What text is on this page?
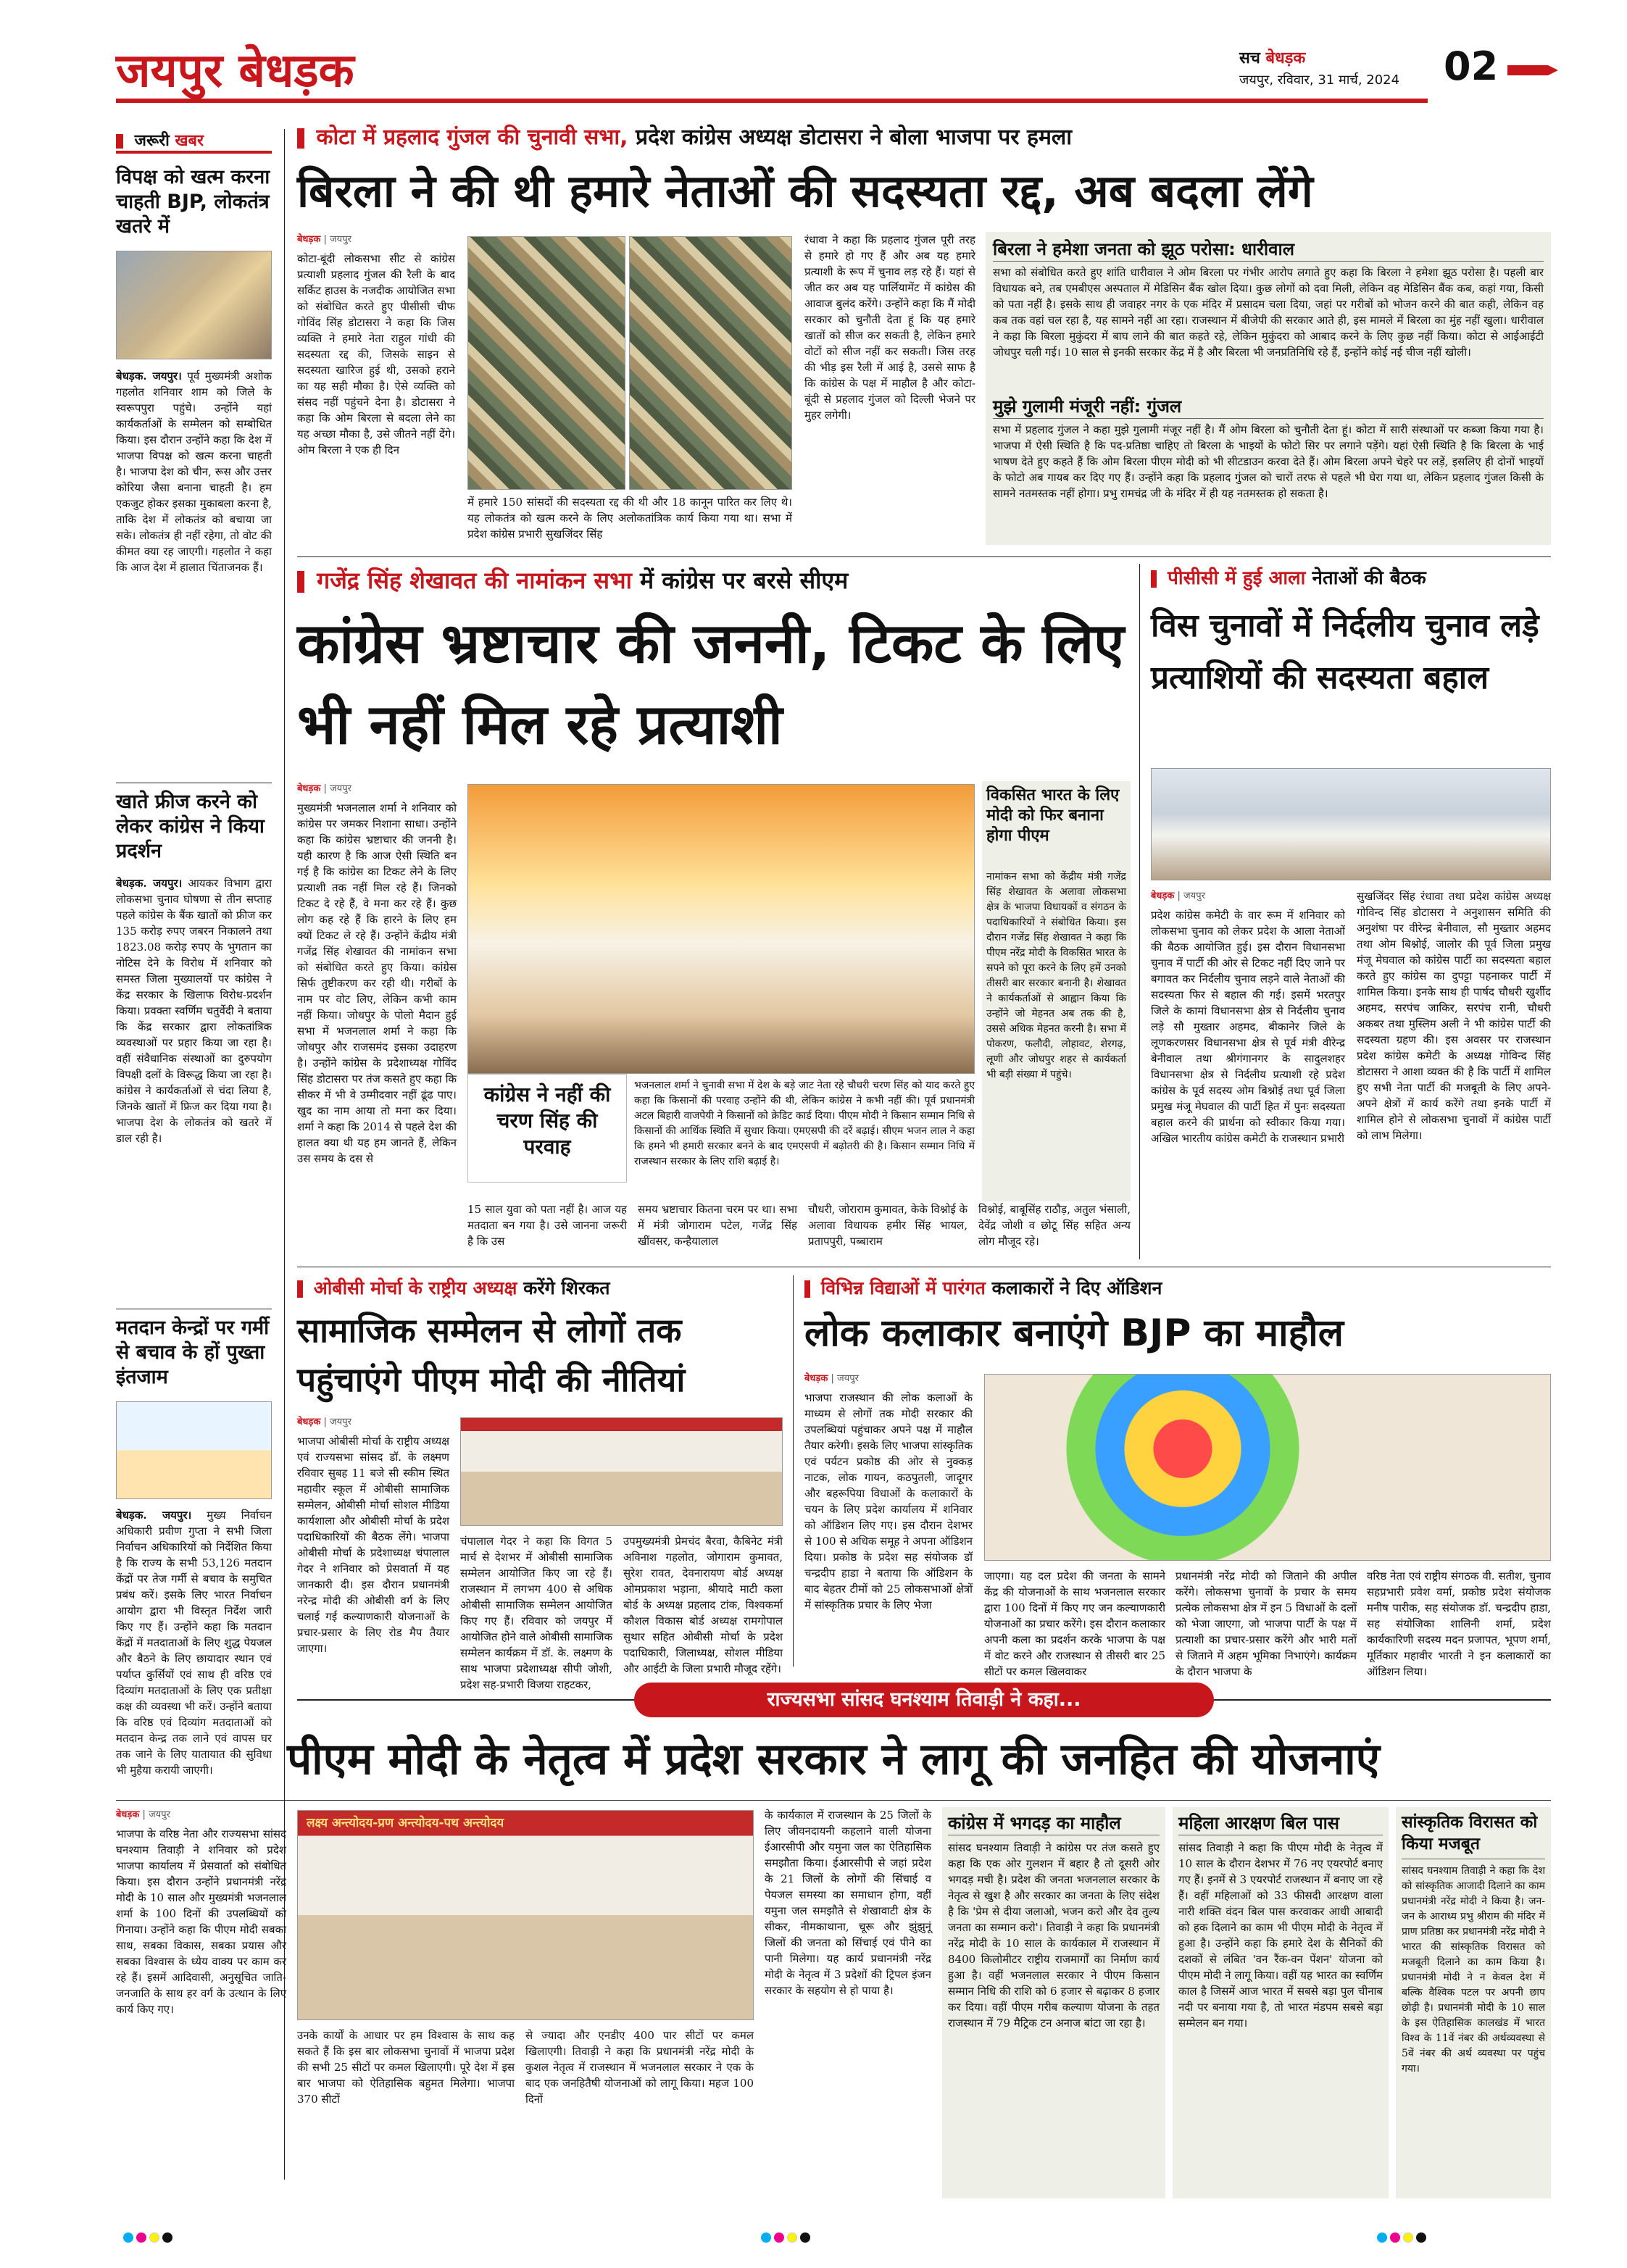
जयपुर बेधड़क	सच बेधड़क
जयपुर, रविवार, 31 मार्च, 2024 02
जरूरी खबर
विपक्ष को खत्म करना चाहती BJP, लोकतंत्र खतरे में
बेधड़क. जयपुर। पूर्व मुख्यमंत्री अशोक गहलोत शनिवार शाम को जिले के स्वरूपपुरा पहुंचे। उन्होंने यहां कार्यकर्ताओं के सम्मेलन को सम्बोधित किया। इस दौरान उन्होंने कहा कि देश में भाजपा विपक्ष को खत्म करना चाहती है। भाजपा देश को चीन, रूस और उत्तर कोरिया जैसा बनाना चाहती है। हम एकजुट होकर इसका मुकाबला करना है, ताकि देश में लोकतंत्र को बचाया जा सके। लोकतंत्र ही नहीं रहेगा, तो वोट की कीमत क्या रह जाएगी। गहलोत ने कहा कि आज देश में हालात चिंताजनक हैं।
खाते फ्रीज करने को लेकर कांग्रेस ने किया प्रदर्शन
बेधड़क. जयपुर। आयकर विभाग द्वारा लोकसभा चुनाव घोषणा से तीन सप्ताह पहले कांग्रेस के बैंक खातों को फ्रीज कर 135 करोड़ रुपए जबरन निकालने तथा 1823.08 करोड़ रुपए के भुगतान का नोटिस देने के विरोध में शनिवार को समस्त जिला मुख्यालयों पर कांग्रेस ने केंद्र सरकार के खिलाफ विरोध-प्रदर्शन किया। प्रवक्ता स्वर्णिम चतुर्वेदी ने बताया कि केंद्र सरकार द्वारा लोकतांत्रिक व्यवस्थाओं पर प्रहार किया जा रहा है। वहीं संवैधानिक संस्थाओं का दुरुपयोग विपक्षी दलों के विरूद्ध किया जा रहा है। कांग्रेस ने कार्यकर्ताओं से चंदा लिया है, जिनके खातों में फ्रिज कर दिया गया है। भाजपा देश के लोकतंत्र को खतरे में डाल रही है।
मतदान केन्द्रों पर गर्मी से बचाव के हों पुख्ता इंतजाम
बेधड़क. जयपुर। मुख्य निर्वाचन अधिकारी प्रवीण गुप्ता ने सभी जिला निर्वाचन अधिकारियों को निर्देशित किया है कि राज्य के सभी 53,126 मतदान केंद्रों पर तेज गर्मी से बचाव के समुचित प्रबंध करें। इसके लिए भारत निर्वाचन आयोग द्वारा भी विस्तृत निर्देश जारी किए गए हैं। उन्होंने कहा कि मतदान केंद्रों में मतदाताओं के लिए शुद्ध पेयजल और बैठने के लिए छायादार स्थान एवं पर्याप्त कुर्सियों एवं साथ ही वरिष्ठ एवं दिव्यांग मतदाताओं के लिए एक प्रतीक्षा कक्ष की व्यवस्था भी करें। उन्होंने बताया कि वरिष्ठ एवं दिव्यांग मतदाताओं को मतदान केन्द्र तक लाने एवं वापस घर तक जाने के लिए यातायात की सुविधा भी मुहैया करायी जाएगी।
कोटा में प्रहलाद गुंजल की चुनावी सभा, प्रदेश कांग्रेस अध्यक्ष डोटासरा ने बोला भाजपा पर हमला
बिरला ने की थी हमारे नेताओं की सदस्यता रद्द, अब बदला लेंगे
बेधड़क | जयपुर
कोटा-बूंदी लोकसभा सीट से कांग्रेस प्रत्याशी प्रहलाद गुंजल की रैली के बाद सर्किट हाउस के नजदीक आयोजित सभा को संबोधित करते हुए पीसीसी चीफ गोविंद सिंह डोटासरा ने कहा कि जिस व्यक्ति ने हमारे नेता राहुल गांधी की सदस्यता रद्द की, जिसके साइन से सदस्यता खारिज हुई थी, उसको हराने का यह सही मौका है। ऐसे व्यक्ति को संसद नहीं पहुंचने देना है। डोटासरा ने कहा कि ओम बिरला से बदला लेने का यह अच्छा मौका है, उसे जीतने नहीं देंगे। ओम बिरला ने एक ही दिन
में हमारे 150 सांसदों की सदस्यता रद्द की थी और 18 कानून पारित कर लिए थे। यह लोकतंत्र को खत्म करने के लिए अलोकतांत्रिक कार्य किया गया था। सभा में प्रदेश कांग्रेस प्रभारी सुखजिंदर सिंह
रंधावा ने कहा कि प्रहलाद गुंजल पूरी तरह से हमारे हो गए हैं और अब यह हमारे प्रत्याशी के रूप में चुनाव लड़ रहे हैं। यहां से जीत कर अब यह पार्लियामेंट में कांग्रेस की आवाज बुलंद करेंगे। उन्होंने कहा कि मैं मोदी सरकार को चुनौती देता हूं कि यह हमारे खातों को सीज कर सकती है, लेकिन हमारे वोटों को सीज नहीं कर सकती। जिस तरह की भीड़ इस रैली में आई है, उससे साफ है कि कांग्रेस के पक्ष में माहौल है और कोटा-बूंदी से प्रहलाद गुंजल को दिल्ली भेजने पर मुहर लगेगी।
बिरला ने हमेशा जनता को झूठ परोसा: धारीवाल
सभा को संबोधित करते हुए शांति धारीवाल ने ओम बिरला पर गंभीर आरोप लगाते हुए कहा कि बिरला ने हमेशा झूठ परोसा है। पहली बार विधायक बने, तब एमबीएस अस्पताल में मेडिसिन बैंक खोल दिया। कुछ लोगों को दवा मिली, लेकिन वह मेडिसिन बैंक कब, कहां गया, किसी को पता नहीं है। इसके साथ ही जवाहर नगर के एक मंदिर में प्रसादम चला दिया, जहां पर गरीबों को भोजन करने की बात कही, लेकिन वह कब तक वहां चल रहा है, यह सामने नहीं आ रहा। राजस्थान में बीजेपी की सरकार आते ही, इस मामले में बिरला का मुंह नहीं खुला। धारीवाल ने कहा कि बिरला मुकुंदरा में बाघ लाने की बात कहते रहे, लेकिन मुकुंदरा को आबाद करने के लिए कुछ नहीं किया। कोटा से आईआईटी जोधपुर चली गई। 10 साल से इनकी सरकार केंद्र में है और बिरला भी जनप्रतिनिधि रहे हैं, इन्होंने कोई नई चीज नहीं खोली।
मुझे गुलामी मंजूरी नहीं: गुंजल
सभा में प्रहलाद गुंजल ने कहा मुझे गुलामी मंजूर नहीं है। मैं ओम बिरला को चुनौती देता हूं। कोटा में सारी संस्थाओं पर कब्जा किया गया है। भाजपा में ऐसी स्थिति है कि पद-प्रतिष्ठा चाहिए तो बिरला के भाइयों के फोटो सिर पर लगाने पड़ेंगे। यहां ऐसी स्थिति है कि बिरला के भाई भाषण देते हुए कहते हैं कि ओम बिरला पीएम मोदी को भी सीटडाउन करवा देते हैं। ओम बिरला अपने चेहरे पर लड़ें, इसलिए ही दोनों भाइयों के फोटो अब गायब कर दिए गए हैं। उन्होंने कहा कि प्रहलाद गुंजल को चारों तरफ से पहले भी घेरा गया था, लेकिन प्रहलाद गुंजल किसी के सामने नतमस्तक नहीं होगा। प्रभु रामचंद्र जी के मंदिर में ही यह नतमस्तक हो सकता है।
गजेंद्र सिंह शेखावत की नामांकन सभा में कांग्रेस पर बरसे सीएम
कांग्रेस भ्रष्टाचार की जननी, टिकट के लिए भी नहीं मिल रहे प्रत्याशी
बेधड़क | जयपुर
मुख्यमंत्री भजनलाल शर्मा ने शनिवार को कांग्रेस पर जमकर निशाना साधा। उन्होंने कहा कि कांग्रेस भ्रष्टाचार की जननी है। यही कारण है कि आज ऐसी स्थिति बन गई है कि कांग्रेस का टिकट लेने के लिए प्रत्याशी तक नहीं मिल रहे हैं। जिनको टिकट दे रहे हैं, वे मना कर रहे हैं। कुछ लोग कह रहे हैं कि हारने के लिए हम क्यों टिकट ले रहे हैं। उन्होंने केंद्रीय मंत्री गजेंद्र सिंह शेखावत की नामांकन सभा को संबोधित करते हुए किया। कांग्रेस सिर्फ तुष्टीकरण कर रही थी। गरीबों के नाम पर वोट लिए, लेकिन कभी काम नहीं किया। जोधपुर के पोलो मैदान हुई सभा में भजनलाल शर्मा ने कहा कि जोधपुर और राजसमंद इसका उदाहरण है। उन्होंने कांग्रेस के प्रदेशाध्यक्ष गोविंद सिंह डोटासरा पर तंज कसते हुए कहा कि सीकर में भी वे उम्मीदवार नहीं ढूंढ पाए। खुद का नाम आया तो मना कर दिया। शर्मा ने कहा कि 2014 से पहले देश की हालत क्या थी यह हम जानते हैं, लेकिन उस समय के दस से
कांग्रेस ने नहीं की चरण सिंह की परवाह
भजनलाल शर्मा ने चुनावी सभा में देश के बड़े जाट नेता रहे चौधरी चरण सिंह को याद करते हुए कहा कि किसानों की परवाह उन्होंने की थी, लेकिन कांग्रेस ने कभी नहीं की। पूर्व प्रधानमंत्री अटल बिहारी वाजपेयी ने किसानों को क्रेडिट कार्ड दिया। पीएम मोदी ने किसान सम्मान निधि से किसानों की आर्थिक स्थिति में सुधार किया। एमएसपी की दरें बढ़ाई। सीएम भजन लाल ने कहा कि हमने भी हमारी सरकार बनने के बाद एमएसपी में बढ़ोतरी की है। किसान सम्मान निधि में राजस्थान सरकार के लिए राशि बढ़ाई है।
विकसित भारत के लिए मोदी को फिर बनाना होगा पीएम
नामांकन सभा को केंद्रीय मंत्री गजेंद्र सिंह शेखावत के अलावा लोकसभा क्षेत्र के भाजपा विधायकों व संगठन के पदाधिकारियों ने संबोधित किया। इस दौरान गजेंद्र सिंह शेखावत ने कहा कि पीएम नरेंद्र मोदी के विकसित भारत के सपने को पूरा करने के लिए हमें उनको तीसरी बार सरकार बनानी है। शेखावत ने कार्यकर्ताओं से आह्वान किया कि उन्होंने जो मेहनत अब तक की है, उससे अधिक मेहनत करनी है। सभा में पोकरण, फलौदी, लोहावट, शेरगढ़, लूणी और जोधपुर शहर से कार्यकर्ता भी बड़ी संख्या में पहुंचे।
15 साल युवा को पता नहीं है। आज यह मतदाता बन गया है। उसे जानना जरूरी है कि उस
समय भ्रष्टाचार कितना चरम पर था। सभा में मंत्री जोगाराम पटेल, गजेंद्र सिंह खींवसर, कन्हैयालाल
चौधरी, जोराराम कुमावत, केके विश्नोई के अलावा विधायक हमीर सिंह भायल, प्रतापपुरी, पब्बाराम
विश्नोई, बाबूसिंह राठौड़, अतुल भंसाली, देवेंद्र जोशी व छोटू सिंह सहित अन्य लोग मौजूद रहे।
पीसीसी में हुई आला नेताओं की बैठक
विस चुनावों में निर्दलीय चुनाव लड़े प्रत्याशियों की सदस्यता बहाल
बेधड़क | जयपुर
प्रदेश कांग्रेस कमेटी के वार रूम में शनिवार को लोकसभा चुनाव को लेकर प्रदेश के आला नेताओं की बैठक आयोजित हुई। इस दौरान विधानसभा चुनाव में पार्टी की ओर से टिकट नहीं दिए जाने पर बगावत कर निर्दलीय चुनाव लड़ने वाले नेताओं की सदस्यता फिर से बहाल की गई। इसमें भरतपुर जिले के कामां विधानसभा क्षेत्र से निर्दलीय चुनाव लड़े सौ मुख्तार अहमद, बीकानेर जिले के लूणकरणसर विधानसभा क्षेत्र से पूर्व मंत्री वीरेन्द्र बेनीवाल तथा श्रीगंगानगर के सादुलशहर विधानसभा क्षेत्र से निर्दलीय प्रत्याशी रहे प्रदेश कांग्रेस के पूर्व सदस्य ओम बिश्नोई तथा पूर्व जिला प्रमुख मंजू मेघवाल की पार्टी हित में पुनः सदस्यता बहाल करने की प्रार्थना को स्वीकार किया गया। अखिल भारतीय कांग्रेस कमेटी के राजस्थान प्रभारी
सुखजिंदर सिंह रंधावा तथा प्रदेश कांग्रेस अध्यक्ष गोविन्द सिंह डोटासरा ने अनुशासन समिति की अनुशंषा पर वीरेन्द्र बेनीवाल, सौ मुख्तार अहमद तथा ओम बिश्नोई, जालोर की पूर्व जिला प्रमुख मंजू मेघवाल को कांग्रेस पार्टी का सदस्यता बहाल करते हुए कांग्रेस का दुपट्टा पहनाकर पार्टी में शामिल किया। इनके साथ ही पार्षद चौधरी खुर्शीद अहमद, सरपंच जाकिर, सरपंच रानी, चौधरी अकबर तथा मुस्लिम अली ने भी कांग्रेस पार्टी की सदस्यता ग्रहण की। इस अवसर पर राजस्थान प्रदेश कांग्रेस कमेटी के अध्यक्ष गोविन्द सिंह डोटासरा ने आशा व्यक्त की है कि पार्टी में शामिल हुए सभी नेता पार्टी की मजबूती के लिए अपने-अपने क्षेत्रों में कार्य करेंगे तथा इनके पार्टी में शामिल होने से लोकसभा चुनावों में कांग्रेस पार्टी को लाभ मिलेगा।
ओबीसी मोर्चा के राष्ट्रीय अध्यक्ष करेंगे शिरकत
सामाजिक सम्मेलन से लोगों तक पहुंचाएंगे पीएम मोदी की नीतियां
बेधड़क | जयपुर
भाजपा ओबीसी मोर्चा के राष्ट्रीय अध्यक्ष एवं राज्यसभा सांसद डॉ. के लक्ष्मण रविवार सुबह 11 बजे सी स्कीम स्थित महावीर स्कूल में ओबीसी सामाजिक सम्मेलन, ओबीसी मोर्चा सोशल मीडिया कार्यशाला और ओबीसी मोर्चा के प्रदेश पदाधिकारियों की बैठक लेंगे। भाजपा ओबीसी मोर्चा के प्रदेशाध्यक्ष चंपालाल गेदर ने शनिवार को प्रेसवार्ता में यह जानकारी दी। इस दौरान प्रधानमंत्री नरेन्द्र मोदी की ओबीसी वर्ग के लिए चलाई गई कल्याणकारी योजनाओं के प्रचार-प्रसार के लिए रोड मैप तैयार जाएगा।
चंपालाल गेदर ने कहा कि विगत 5 मार्च से देशभर में ओबीसी सामाजिक सम्मेलन आयोजित किए जा रहे हैं। राजस्थान में लगभग 400 से अधिक ओबीसी सामाजिक सम्मेलन आयोजित किए गए हैं। रविवार को जयपुर में आयोजित होने वाले ओबीसी सामाजिक सम्मेलन कार्यक्रम में डॉ. के. लक्ष्मण के साथ भाजपा प्रदेशाध्यक्ष सीपी जोशी, प्रदेश सह-प्रभारी विजया राहटकर,
उपमुख्यमंत्री प्रेमचंद बैरवा, कैबिनेट मंत्री अविनाश गहलोत, जोगाराम कुमावत, सुरेश रावत, देवनारायण बोर्ड अध्यक्ष ओमप्रकाश भड़ाना, श्रीयादे माटी कला बोर्ड के अध्यक्ष प्रहलाद टांक, विश्वकर्मा कौशल विकास बोर्ड अध्यक्ष रामगोपाल सुथार सहित ओबीसी मोर्चा के प्रदेश पदाधिकारी, जिलाध्यक्ष, सोशल मीडिया और आईटी के जिला प्रभारी मौजूद रहेंगे।
विभिन्न विद्याओं में पारंगत कलाकारों ने दिए ऑडिशन
लोक कलाकार बनाएंगे BJP का माहौल
बेधड़क | जयपुर
भाजपा राजस्थान की लोक कलाओं के माध्यम से लोगों तक मोदी सरकार की उपलब्धियां पहुंचाकर अपने पक्ष में माहौल तैयार करेगी। इसके लिए भाजपा सांस्कृतिक एवं पर्यटन प्रकोष्ठ की ओर से नुक्कड़ नाटक, लोक गायन, कठपुतली, जादूगर और बहरूपिया विधाओं के कलाकारों के चयन के लिए प्रदेश कार्यालय में शनिवार को ऑडिशन लिए गए। इस दौरान देशभर से 100 से अधिक समूह ने अपना ऑडिशन दिया। प्रकोष्ठ के प्रदेश सह संयोजक डॉ चन्द्रदीप हाडा ने बताया कि ऑडिशन के बाद बेहतर टीमों को 25 लोकसभाओं क्षेत्रों में सांस्कृतिक प्रचार के लिए भेजा
जाएगा। यह दल प्रदेश की जनता के सामने केंद्र की योजनाओं के साथ भजनलाल सरकार द्वारा 100 दिनों में किए गए जन कल्याणकारी योजनाओं का प्रचार करेंगे। इस दौरान कलाकार अपनी कला का प्रदर्शन करके भाजपा के पक्ष में वोट करने और राजस्थान से तीसरी बार 25 सीटों पर कमल खिलवाकर
प्रधानमंत्री नरेंद्र मोदी को जिताने की अपील करेंगे। लोकसभा चुनावों के प्रचार के समय प्रत्येक लोकसभा क्षेत्र में इन 5 विधाओं के दलों को भेजा जाएगा, जो भाजपा पार्टी के पक्ष में प्रत्याशी का प्रचार-प्रसार करेंगे और भारी मतों से जिताने में अहम भूमिका निभाएंगे। कार्यक्रम के दौरान भाजपा के
वरिष्ठ नेता एवं राष्ट्रीय संगठक वी. सतीश, चुनाव सहप्रभारी प्रवेश वर्मा, प्रकोष्ठ प्रदेश संयोजक मनीष पारीक, सह संयोजक डॉ. चन्द्रदीप हाडा, सह संयोजिका शालिनी शर्मा, प्रदेश कार्यकारिणी सदस्य मदन प्रजापत, भूपण शर्मा, मूर्तिकार महावीर भारती ने इन कलाकारों का ऑडिशन लिया।
राज्यसभा सांसद घनश्याम तिवाड़ी ने कहा...
पीएम मोदी के नेतृत्व में प्रदेश सरकार ने लागू की जनहित की योजनाएं
बेधड़क | जयपुर
भाजपा के वरिष्ठ नेता और राज्यसभा सांसद घनश्याम तिवाड़ी ने शनिवार को प्रदेश भाजपा कार्यालय में प्रेसवार्ता को संबोधित किया। इस दौरान उन्होंने प्रधानमंत्री नरेंद्र मोदी के 10 साल और मुख्यमंत्री भजनलाल शर्मा के 100 दिनों की उपलब्धियों को गिनाया। उन्होंने कहा कि पीएम मोदी सबका साथ, सबका विकास, सबका प्रयास और सबका विश्वास के ध्येय वाक्य पर काम कर रहे हैं। इसमें आदिवासी, अनुसूचित जाति-जनजाति के साथ हर वर्ग के उत्थान के लिए कार्य किए गए।
लक्ष्य अन्त्योदय-प्रण अन्त्योदय-पथ अन्त्योदय
उनके कार्यों के आधार पर हम विश्वास के साथ कह सकते हैं कि इस बार लोकसभा चुनावों में भाजपा प्रदेश की सभी 25 सीटों पर कमल खिलाएगी। पूरे देश में इस बार भाजपा को ऐतिहासिक बहुमत मिलेगा। भाजपा 370 सीटों
से ज्यादा और एनडीए 400 पार सीटों पर कमल खिलाएगी। तिवाड़ी ने कहा कि प्रधानमंत्री नरेंद्र मोदी के कुशल नेतृत्व में राजस्थान में भजनलाल सरकार ने एक के बाद एक जनहितैषी योजनाओं को लागू किया। महज 100 दिनों
के कार्यकाल में राजस्थान के 25 जिलों के लिए जीवनदायनी कहलाने वाली योजना ईआरसीपी और यमुना जल का ऐतिहासिक समझौता किया। ईआरसीपी से जहां प्रदेश के 21 जिलों के लोगों की सिंचाई व पेयजल समस्या का समाधान होगा, वहीं यमुना जल समझौते से शेखावाटी क्षेत्र के सीकर, नीमकाथाना, चूरू और झुंझुनूं जिलों की जनता को सिंचाई एवं पीने का पानी मिलेगा। यह कार्य प्रधानमंत्री नरेंद्र मोदी के नेतृत्व में 3 प्रदेशों की ट्रिपल इंजन सरकार के सहयोग से हो पाया है।
कांग्रेस में भगदड़ का माहौल
सांसद घनश्याम तिवाड़ी ने कांग्रेस पर तंज कसते हुए कहा कि एक ओर गुलशन में बहार है तो दूसरी ओर भगदड़ मची है। प्रदेश की जनता भजनलाल सरकार के नेतृत्व से खुश है और सरकार का जनता के लिए संदेश है कि 'प्रेम से दीया जलाओ, भजन करो और देव तुल्य जनता का सम्मान करो'। तिवाड़ी ने कहा कि प्रधानमंत्री नरेंद्र मोदी के 10 साल के कार्यकाल में राजस्थान में 8400 किलोमीटर राष्ट्रीय राजमार्गों का निर्माण कार्य हुआ है। वहीं भजनलाल सरकार ने पीएम किसान सम्मान निधि की राशि को 6 हजार से बढ़ाकर 8 हजार कर दिया। वहीं पीएम गरीब कल्याण योजना के तहत राजस्थान में 79 मैट्रिक टन अनाज बांटा जा रहा है।
महिला आरक्षण बिल पास
सांसद तिवाड़ी ने कहा कि पीएम मोदी के नेतृत्व में 10 साल के दौरान देशभर में 76 नए एयरपोर्ट बनाए गए हैं। इनमें से 3 एयरपोर्ट राजस्थान में बनाए जा रहे हैं। वहीं महिलाओं को 33 फीसदी आरक्षण वाला नारी शक्ति वंदन बिल पास करवाकर आधी आबादी को हक दिलाने का काम भी पीएम मोदी के नेतृत्व में हुआ है। उन्होंने कहा कि हमारे देश के सैनिकों की दशकों से लंबित 'वन रैंक-वन पेंशन' योजना को पीएम मोदी ने लागू किया। वहीं यह भारत का स्वर्णिम काल है जिसमें आज भारत में सबसे बड़ा पुल चीनाब नदी पर बनाया गया है, तो भारत मंडपम सबसे बड़ा सम्मेलन बन गया।
सांस्कृतिक विरासत को किया मजबूत
सांसद घनश्याम तिवाड़ी ने कहा कि देश को सांस्कृतिक आजादी दिलाने का काम प्रधानमंत्री नरेंद्र मोदी ने किया है। जन-जन के आराध्य प्रभु श्रीराम की मंदिर में प्राण प्रतिष्ठा कर प्रधानमंत्री नरेंद्र मोदी ने भारत की सांस्कृतिक विरासत को मजबूती दिलाने का काम किया है। प्रधानमंत्री मोदी ने न केवल देश में बल्कि वैश्विक पटल पर अपनी छाप छोड़ी है। प्रधानमंत्री मोदी के 10 साल के इस ऐतिहासिक कालखंड में भारत विश्व के 11वें नंबर की अर्थव्यवस्था से 5वें नंबर की अर्थ व्यवस्था पर पहुंच गया।
